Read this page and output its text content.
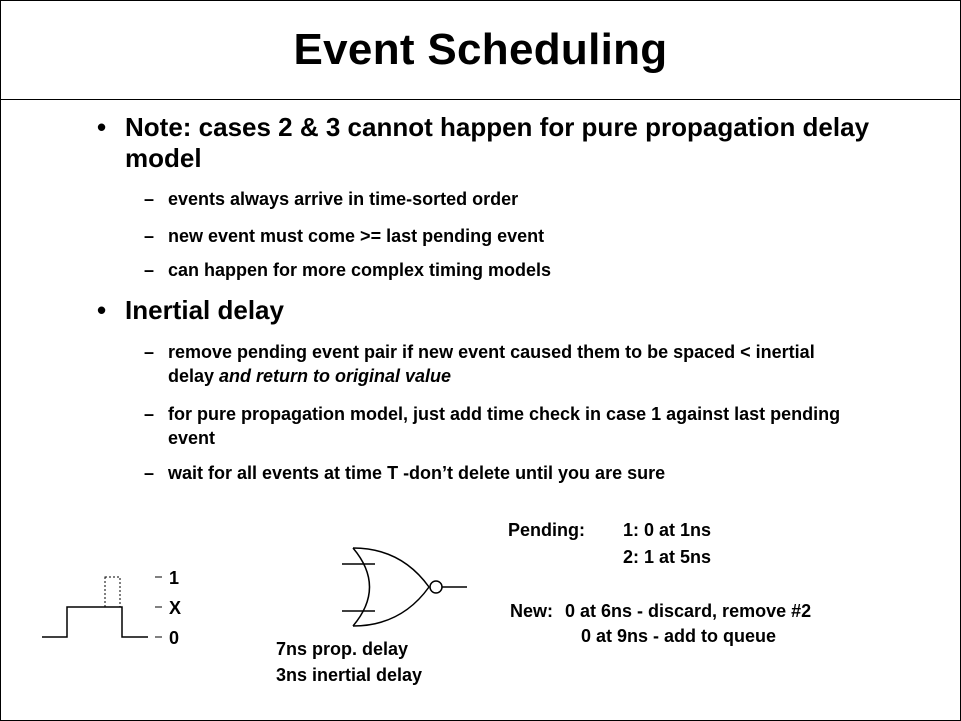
Event Scheduling
• Note: cases 2 & 3 cannot happen for pure propagation delay model
– events always arrive in time-sorted order
– new event must come >= last pending event
– can happen for more complex timing models
• Inertial delay
– remove pending event pair if new event caused them to be spaced < inertial delay and return to original value
– for pure propagation model, just add time check in case 1 against last pending event
– wait for all events at time T -don’t delete until you are sure
1
X
0
7ns prop. delay
3ns inertial delay
Pending: 1: 0 at 1ns
2: 1 at 5ns
New: 0 at 6ns - discard, remove #2
0 at 9ns - add to queue
